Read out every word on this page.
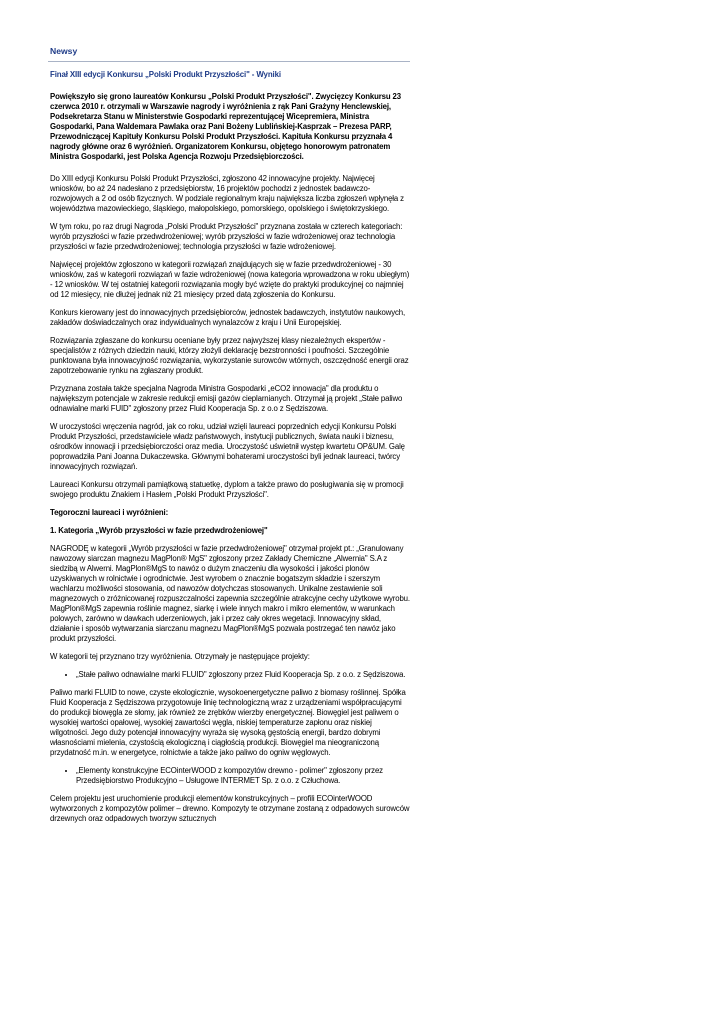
Newsy
Finał XIII edycji Konkursu „Polski Produkt Przyszłości" - Wyniki

Powiększyło się grono laureatów Konkursu „Polski Produkt Przyszłości". Zwycięzcy Konkursu 23 czerwca 2010 r. otrzymali w Warszawie nagrody i wyróżnienia z rąk Pani Grażyny Henclewskiej, Podsekretarza Stanu w Ministerstwie Gospodarki reprezentującej Wicepremiera, Ministra Gospodarki, Pana Waldemara Pawlaka oraz Pani Bożeny Lublińskiej-Kasprzak – Prezesa PARP, Przewodniczącej Kapituły Konkursu Polski Produkt Przyszłości. Kapituła Konkursu przyznała 4 nagrody główne oraz 6 wyróżnień. Organizatorem Konkursu, objętego honorowym patronatem Ministra Gospodarki, jest Polska Agencja Rozwoju Przedsiębiorczości.

Do XIII edycji Konkursu Polski Produkt Przyszłości, zgłoszono 42 innowacyjne projekty. Najwięcej wniosków, bo aż 24 nadesłano z przedsiębiorstw, 16 projektów pochodzi z jednostek badawczo-rozwojowych a 2 od osób fizycznych. W podziale regionalnym kraju największa liczba zgłoszeń wpłynęła z województwa mazowieckiego, śląskiego, małopolskiego, pomorskiego, opolskiego i świętokrzyskiego.

W tym roku, po raz drugi Nagroda „Polski Produkt Przyszłości" przyznana została w czterech kategoriach: wyrób przyszłości w fazie przedwdrożeniowej; wyrób przyszłości w fazie wdrożeniowej oraz technologia przyszłości w fazie przedwdrożeniowej; technologia przyszłości w fazie wdrożeniowej.

Najwięcej projektów zgłoszono w kategorii rozwiązań znajdujących się w fazie przedwdrożeniowej - 30 wniosków, zaś w kategorii rozwiązań w fazie wdrożeniowej (nowa kategoria wprowadzona w roku ubiegłym) - 12 wniosków. W tej ostatniej kategorii rozwiązania mogły być wzięte do praktyki produkcyjnej co najmniej od 12 miesięcy, nie dłużej jednak niż 21 miesięcy przed datą zgłoszenia do Konkursu.

Konkurs kierowany jest do innowacyjnych przedsiębiorców, jednostek badawczych, instytutów naukowych, zakładów doświadczalnych oraz indywidualnych wynalazców z kraju i Unii Europejskiej.

Rozwiązania zgłaszane do konkursu oceniane były przez najwyższej klasy niezależnych ekspertów - specjalistów z różnych dziedzin nauki, którzy złożyli deklarację bezstronności i poufności. Szczególnie punktowana była innowacyjność rozwiązania, wykorzystanie surowców wtórnych, oszczędność energii oraz zapotrzebowanie rynku na zgłaszany produkt.

Przyznana została także specjalna Nagroda Ministra Gospodarki „eCO2 innowacja" dla produktu o największym potencjale w zakresie redukcji emisji gazów cieplarnianych. Otrzymał ją projekt „Stałe paliwo odnawialne marki FUID" zgłoszony przez Fluid Kooperacja Sp. z o.o z Sędziszowa.

W uroczystości wręczenia nagród, jak co roku, udział wzięli laureaci poprzednich edycji Konkursu Polski Produkt Przyszłości, przedstawiciele władz państwowych, instytucji publicznych, świata nauki i biznesu, ośrodków innowacji i przedsiębiorczości oraz media. Uroczystość uświetnił występ kwartetu OP&UM. Galę poprowadziła Pani Joanna Dukaczewska. Głównymi bohaterami uroczystości byli jednak laureaci, twórcy innowacyjnych rozwiązań.

Laureaci Konkursu otrzymali pamiątkową statuetkę, dyplom a także prawo do posługiwania się w promocji swojego produktu Znakiem i Hasłem „Polski Produkt Przyszłości".

Tegoroczni laureaci i wyróżnieni:

1. Kategoria „Wyrób przyszłości w fazie przedwdrożeniowej"

NAGRODĘ w kategorii „Wyrób przyszłości w fazie przedwdrożeniowej" otrzymał projekt pt.: „Granulowany nawozowy siarczan magnezu MagPlon® MgS" zgłoszony przez Zakłady Chemiczne „Alwernia" S.A z siedzibą w Alwerni. MagPlon®MgS to nawóz o dużym znaczeniu dla wysokości i jakości plonów uzyskiwanych w rolnictwie i ogrodnictwie. Jest wyrobem o znacznie bogatszym składzie i szerszym wachlarzu możliwości stosowania, od nawozów dotychczas stosowanych. Unikalne zestawienie soli magnezowych o zróżnicowanej rozpuszczalności zapewnia szczególnie atrakcyjne cechy użytkowe wyrobu. MagPlon®MgS zapewnia roślinie magnez, siarkę i wiele innych makro i mikro elementów, w warunkach polowych, zarówno w dawkach uderzeniowych, jak i przez cały okres wegetacji. Innowacyjny skład, działanie i sposób wytwarzania siarczanu magnezu MagPlon®MgS pozwala postrzegać ten nawóz jako produkt przyszłości.

W kategorii tej przyznano trzy wyróżnienia. Otrzymały je następujące projekty:

• „Stałe paliwo odnawialne marki FLUID" zgłoszony przez Fluid Kooperacja Sp. z o.o. z Sędziszowa.

Paliwo marki FLUID to nowe, czyste ekologicznie, wysokoenergetyczne paliwo z biomasy roślinnej. Spółka Fluid Kooperacja z Sędziszowa przygotowuje linię technologiczną wraz z urządzeniami współpracującymi do produkcji biowęgla ze słomy, jak również ze zrębków wierzby energetycznej. Biowęgiel jest paliwem o wysokiej wartości opałowej, wysokiej zawartości węgla, niskiej temperaturze zapłonu oraz niskiej wilgotności. Jego duży potencjał innowacyjny wyraża się wysoką gęstością energii, bardzo dobrymi własnościami mielenia, czystością ekologiczną i ciągłością produkcji. Biowęgiel ma nieograniczoną przydatność m.in. w energetyce, rolnictwie a także jako paliwo do ogniw węglowych.

• „Elementy konstrukcyjne ECOinterWOOD z kompozytów drewno - polimer" zgłoszony przez Przedsiębiorstwo Produkcyjno – Usługowe INTERMET Sp. z o.o. z Człuchowa.

Celem projektu jest uruchomienie produkcji elementów konstrukcyjnych – profili ECOinterWOOD wytworzonych z kompozytów polimer – drewno. Kompozyty te otrzymane zostaną z odpadowych surowców drzewnych oraz odpadowych tworzyw sztucznych
